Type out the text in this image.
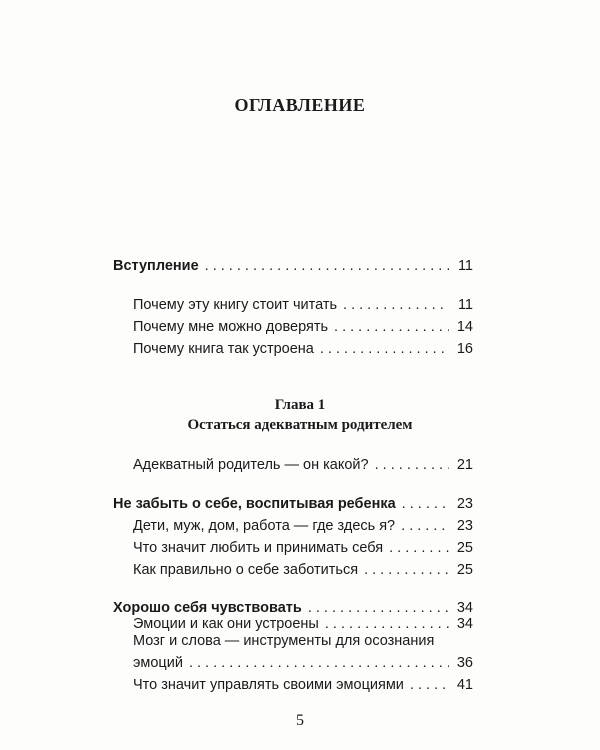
ОГЛАВЛЕНИЕ
Вступление . . .	11
Почему эту книгу стоит читать . . .	11
Почему мне можно доверять . . .	14
Почему книга так устроена . . .	16
Глава 1
Остаться адекватным родителем
Адекватный родитель — он какой? . . .	21
Не забыть о себе, воспитывая ребенка . . .	23
Дети, муж, дом, работа — где здесь я? . . .	23
Что значит любить и принимать себя . . .	25
Как правильно о себе заботиться . . .	25
Хорошо себя чувствовать . . .	34
Эмоции и как они устроены . . .	34
Мозг и слова — инструменты для осознания
эмоций . . .	36
Что значит управлять своими эмоциями . . .	41
5
